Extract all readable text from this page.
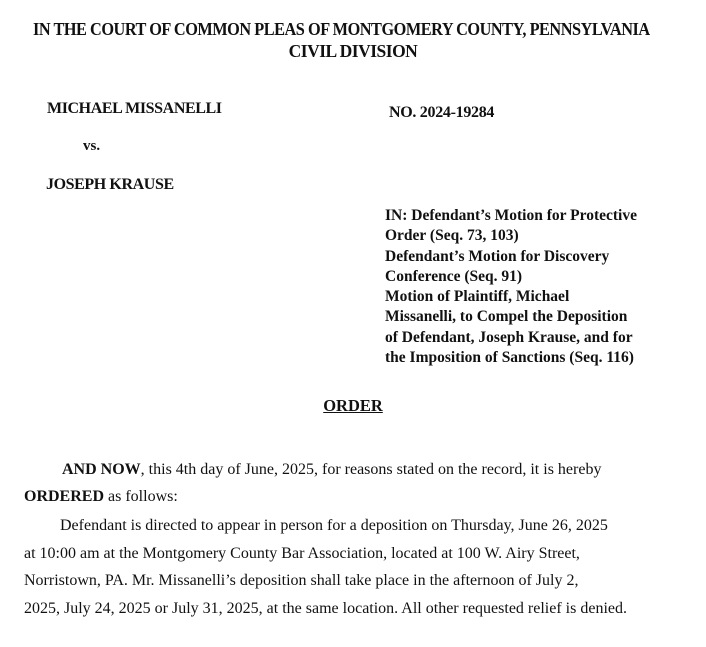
IN THE COURT OF COMMON PLEAS OF MONTGOMERY COUNTY, PENNSYLVANIA
CIVIL DIVISION
MICHAEL MISSANELLI	NO. 2024-19284
vs.
JOSEPH KRAUSE
IN: Defendant’s Motion for Protective
Order (Seq. 73, 103)
Defendant’s Motion for Discovery
Conference (Seq. 91)
Motion of Plaintiff, Michael
Missanelli, to Compel the Deposition
of Defendant, Joseph Krause, and for
the Imposition of Sanctions (Seq. 116)
ORDER
AND NOW, this 4th day of June, 2025, for reasons stated on the record, it is hereby
ORDERED as follows:
Defendant is directed to appear in person for a deposition on Thursday, June 26, 2025
at 10:00 am at the Montgomery County Bar Association, located at 100 W. Airy Street,
Norristown, PA. Mr. Missanelli’s deposition shall take place in the afternoon of July 2,
2025, July 24, 2025 or July 31, 2025, at the same location. All other requested relief is denied.
